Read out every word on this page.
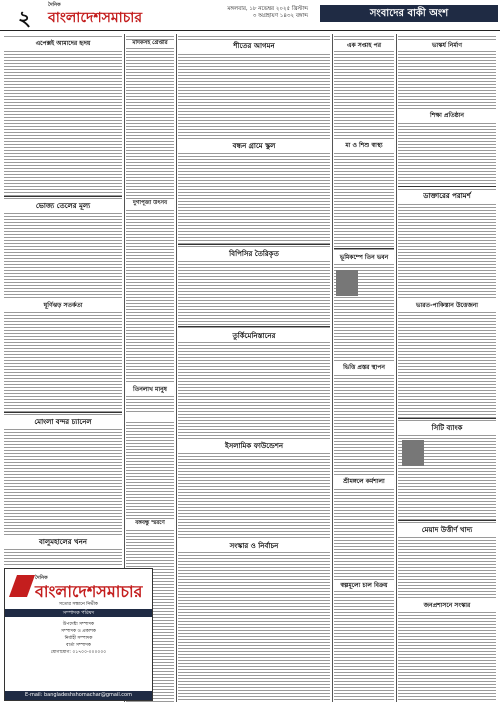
২
দৈনিক
বাংলাদেশসমাচার
মঙ্গলবার, ১৮ নভেম্বর ২০২৫ খ্রিস্টাব্দ
৩ অগ্রহায়ণ ১৪৩২ বঙ্গাব্দ	সংবাদের বাকী অংশ
এপেক্সই আমাদের হৃদয়
ভোজ্য তেলের মূল্য
মোংলা বন্দর চ্যানেল
বালুমহালের খনন
তিনলাখ মানুষ
বিপিসির তৈরিকৃত
তুর্কিমেনিস্তানের
ভূমিকম্পে তিন ভবন
ভিত্তি প্রস্তর স্থাপন
ডাক্তারের পরামর্শ
সিটি ব্যাংক
মেয়াদ উত্তীর্ণ খাদ্য
শীতের আগমন	এক সপ্তাহ পর	ভাস্কর্য নির্মাণ
ভারত-পাকিস্তান উত্তেজনা
শ্রীমঙ্গলে কর্মশালা
ইসলামিক ফাউন্ডেশন
জনপ্রশাসনে সংস্কার
মাদকসহ গ্রেপ্তার
সংস্কার ও নির্বাচন
স্বল্পমূল্যে চাল বিক্রয়
ঘূর্ণিঝড় সতর্কতা
দুর্গাপূজা উৎসব
বন্ধন গ্রামে স্কুল	মা ও শিশু স্বাস্থ্য
বঙ্গবন্ধু স্মরণে
শিক্ষা প্রতিষ্ঠান
দৈনিক
বাংলাদেশসমাচার
সত্যের সন্ধানে নির্ভীক
সম্পাদক পরিষদ
উপদেষ্টা সম্পাদক
সম্পাদক ও প্রকাশক
নির্বাহী সম্পাদক
বার্তা সম্পাদক
যোগাযোগ: ০১৭০০-০০০০০০
E-mail: bangladeshshomachar@gmail.com
